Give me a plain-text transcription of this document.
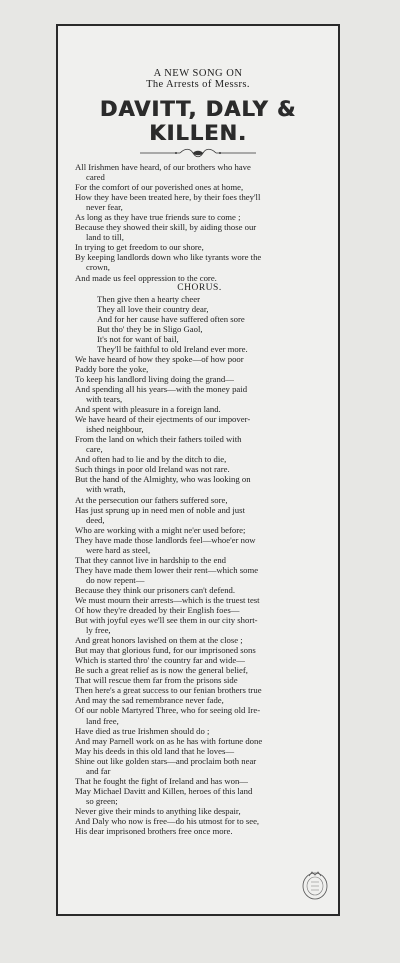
A NEW SONG ON
The Arrests of Messrs.
DAVITT, DALY & KILLEN.
All Irishmen have heard, of our brothers who have
cared
For the comfort of our poverished ones at home,
How they have been treated here, by their foes they'll
never fear,
As long as they have true friends sure to come ;
Because they showed their skill, by aiding those our
land to till,
In trying to get freedom to our shore,
By keeping landlords down who like tyrants wore the
crown,
And made us feel oppression to the core.
CHORUS.
Then give then a hearty cheer
They all love their country dear,
And for her cause have suffered often sore
But tho' they be in Sligo Gaol,
It's not for want of bail,
They'll be faithful to old Ireland ever more.
We have heard of how they spoke—of how poor
Paddy bore the yoke,
To keep his landlord living doing the grand—
And spending all his years—with the money paid
with tears,
And spent with pleasure in a foreign land.
We have heard of their ejectments of our impover-
ished neighbour,
From the land on which their fathers toiled with
care,
And often had to lie and by the ditch to die,
Such things in poor old Ireland was not rare.
But the hand of the Almighty, who was looking on
with wrath,
At the persecution our fathers suffered sore,
Has just sprung up in need men of noble and just
deed,
Who are working with a might ne'er used before;
They have made those landlords feel—whoe'er now
were hard as steel,
That they cannot live in hardship to the end
They have made them lower their rent—which some
do now repent—
Because they think our prisoners can't defend.
We must mourn their arrests—which is the truest test
Of how they're dreaded by their English foes—
But with joyful eyes we'll see them in our city short-
ly free,
And great honors lavished on them at the close ;
But may that glorious fund, for our imprisoned sons
Which is started thro' the country far and wide—
Be such a great relief as is now the general belief,
That will rescue them far from the prisons side
Then here's a great success to our fenian brothers true
And may the sad remembrance never fade,
Of our noble Martyred Three, who for seeing old Ire-
land free,
Have died as true Irishmen should do ;
And may Parnell work on as he has with fortune done
May his deeds in this old land that he loves—
Shine out like golden stars—and proclaim both near
and far
That he fought the fight of Ireland and has won—
May Michael Davitt and Killen, heroes of this land
so green;
Never give their minds to anything like despair,
And Daly who now is free—do his utmost for to see,
His dear imprisoned brothers free once more.
